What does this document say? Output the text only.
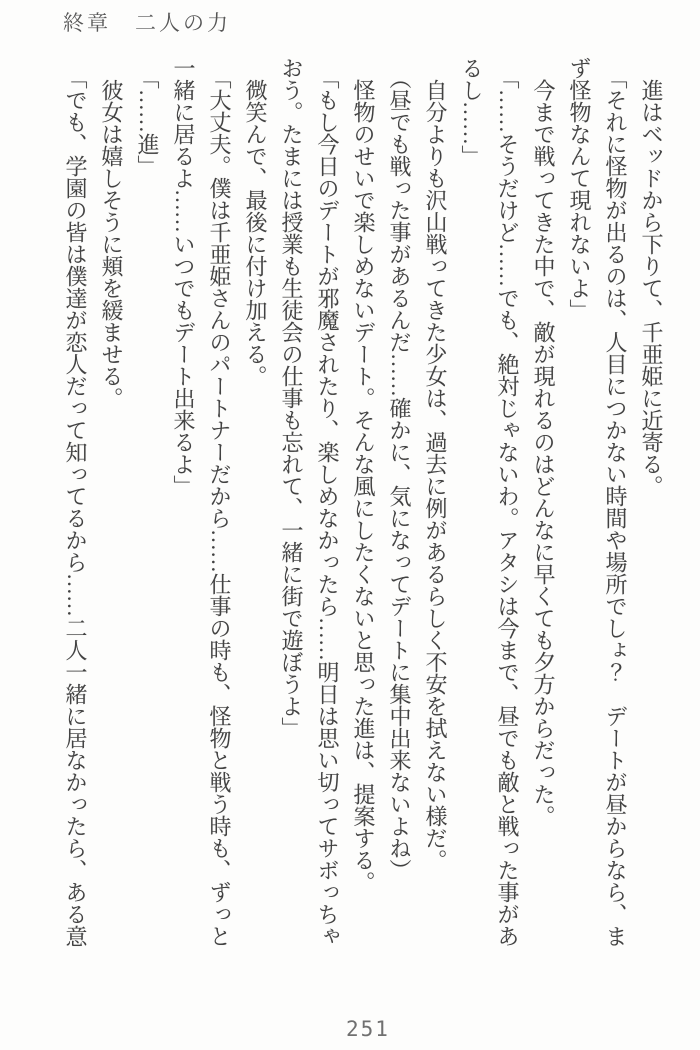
終章　二人の力
進はベッドから下りて、千亜姫に近寄る。
「それに怪物が出るのは、人目につかない時間や場所でしょ？　デートが昼からなら、ま
ず怪物なんて現れないよ」
今まで戦ってきた中で、敵が現れるのはどんなに早くても夕方からだった。
「……そうだけど……でも、絶対じゃないわ。アタシは今まで、昼でも敵と戦った事があ
るし……」
自分よりも沢山戦ってきた少女は、過去に例があるらしく不安を拭えない様だ。
（昼でも戦った事があるんだ……確かに、気になってデートに集中出来ないよね）
怪物のせいで楽しめないデート。そんな風にしたくないと思った進は、提案する。
「もし今日のデートが邪魔されたり、楽しめなかったら……明日は思い切ってサボっちゃ
おう。たまには授業も生徒会の仕事も忘れて、一緒に街で遊ぼうよ」
微笑んで、最後に付け加える。
「大丈夫。僕は千亜姫さんのパートナーだから……仕事の時も、怪物と戦う時も、ずっと
一緒に居るよ……いつでもデート出来るよ」
「……進」
彼女は嬉しそうに頬を緩ませる。
「でも、学園の皆は僕達が恋人だって知ってるから……二人一緒に居なかったら、ある意
251
